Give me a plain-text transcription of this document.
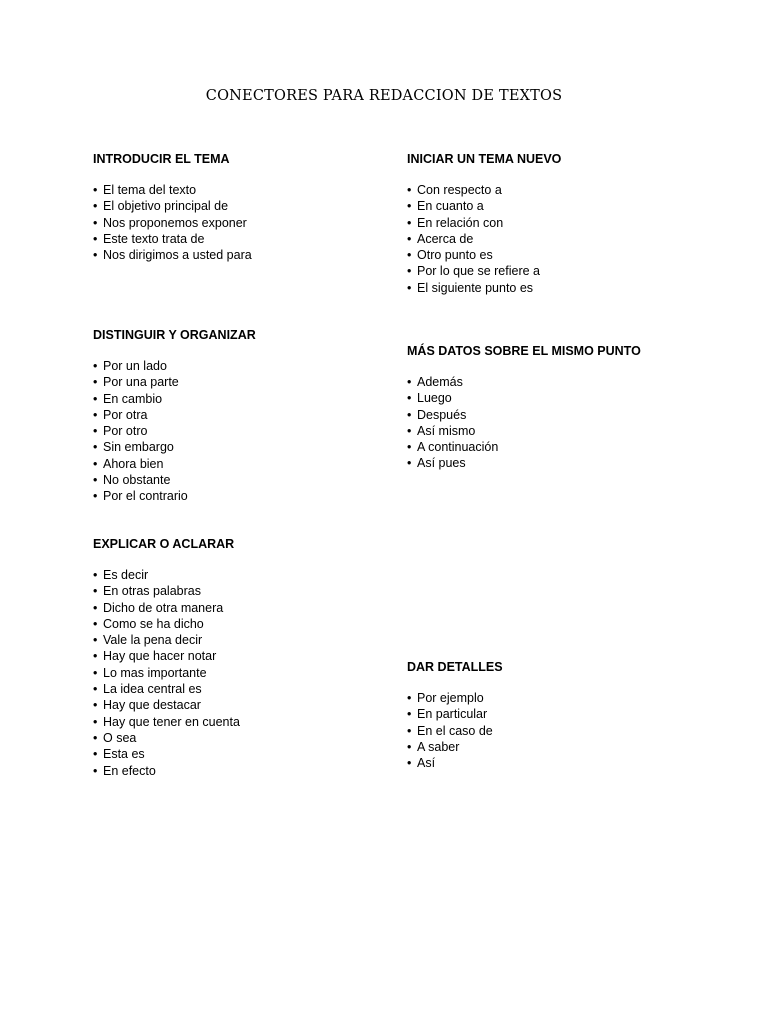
CONECTORES PARA REDACCION DE TEXTOS
INTRODUCIR EL TEMA
• El tema del texto
• El objetivo principal de
• Nos proponemos exponer
• Este texto trata de
• Nos dirigimos a usted para
INICIAR UN TEMA NUEVO
• Con respecto a
• En cuanto a
• En relación con
• Acerca de
• Otro punto es
• Por lo que se refiere a
• El siguiente punto es
DISTINGUIR Y ORGANIZAR
• Por un lado
• Por una parte
• En cambio
• Por otra
• Por otro
• Sin embargo
• Ahora bien
• No obstante
• Por el contrario
MÁS DATOS SOBRE EL MISMO PUNTO
• Además
• Luego
• Después
• Así mismo
• A continuación
• Así pues
EXPLICAR O ACLARAR
• Es decir
• En otras palabras
• Dicho de otra manera
• Como se ha dicho
• Vale la pena decir
• Hay que hacer notar
• Lo mas importante
• La idea central es
• Hay que destacar
• Hay que tener en cuenta
• O sea
• Esta es
• En efecto
DAR DETALLES
• Por ejemplo
• En particular
• En el caso de
• A saber
• Así
